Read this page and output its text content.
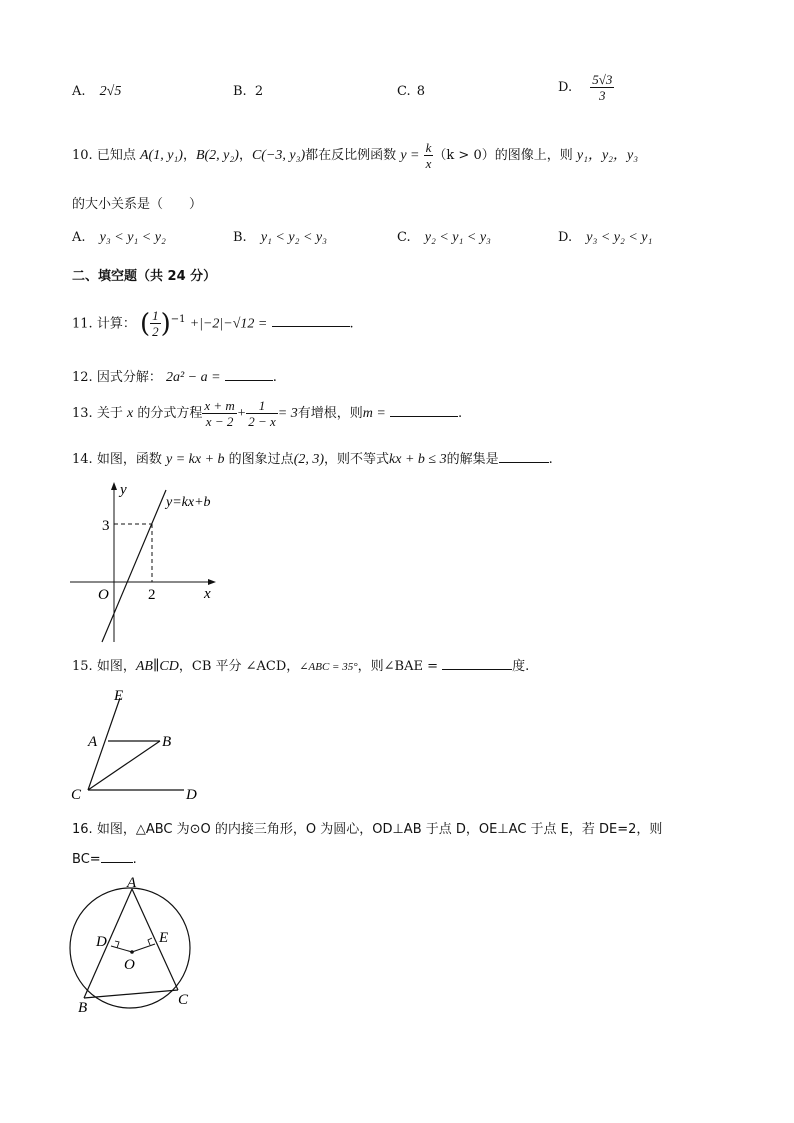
A. 2√5	B. 2	C. 8	D. $\frac{5√3}{3}$
10. 已知点 A(1, y₁)，B(2, y₂)，C(−3, y₃)都在反比例函数 $y = \frac{k}{x} (k > 0)$的图像上，则 y₁，y₂，y₃
的大小关系是（　　）
A. y₃ < y₁ < y₂	B. y₁ < y₂ < y₃	C. y₂ < y₁ < y₃	D. y₃ < y₂ < y₁
二、填空题（共 24 分）
11. 计算： ( $\frac{1}{2} )^{-1} +|-2|-√12$ =	.
12. 因式分解： 2a² − a =	.
13. 关于 x 的分式方程 $\frac{x + m}{x - 2} + \frac{1}{2 - x} = 3$有增根，则m =	.
14. 如图，函数 y = kx + b 的图象过点(2, 3)，则不等式kx + b ≤ 3的解集是	.
y
x
O
3
2
y=kx+b
15. 如图，AB∥CD，CB 平分 ∠ACD，∠ABC = 35°，则∠BAE =	度.
E
A	B
C	D
16. 如图，△ABC 为⊙O 的内接三角形，O 为圆心，OD⊥AB 于点 D，OE⊥AC 于点 E，若 DE=2，则
BC= .
A
B	C
D	E
O
